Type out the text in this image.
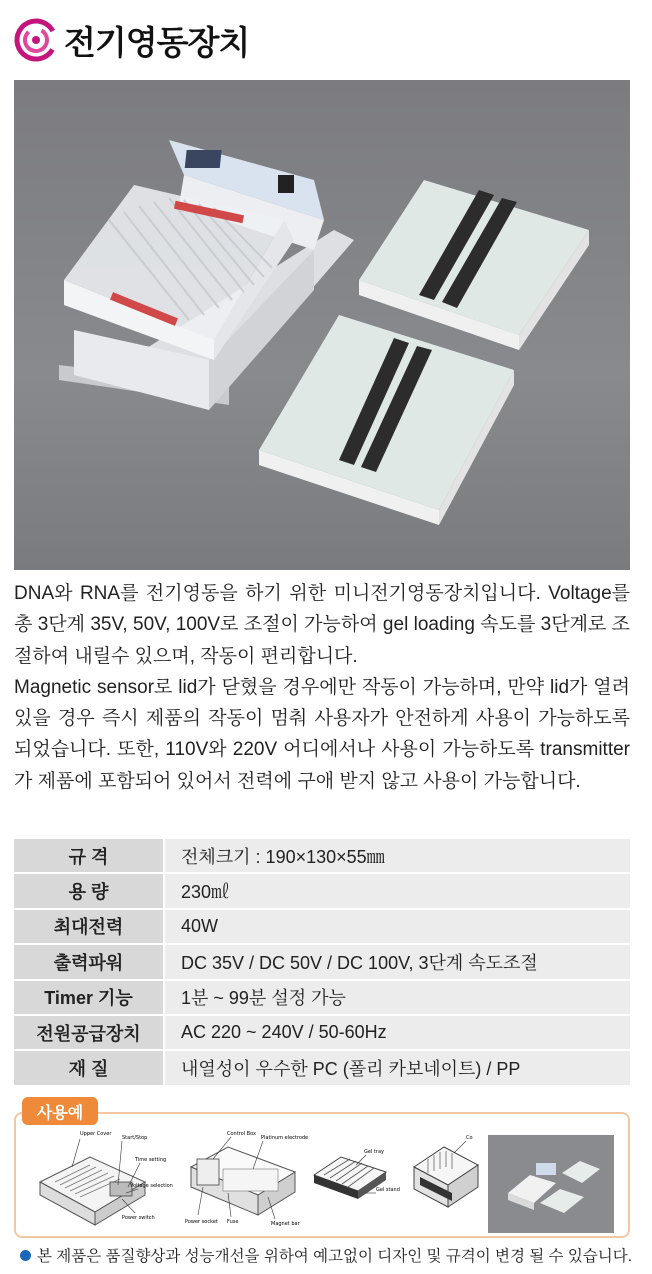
전기영동장치

DNA와 RNA를 전기영동을 하기 위한 미니전기영동장치입니다. Voltage를 총 3단계 35V, 50V, 100V로 조절이 가능하여 gel loading 속도를 3단계로 조절하여 내릴수 있으며, 작동이 편리합니다.

Magnetic sensor로 lid가 닫혔을 경우에만 작동이 가능하며, 만약 lid가 열려 있을 경우 즉시 제품의 작동이 멈춰 사용자가 안전하게 사용이 가능하도록 되었습니다. 또한, 110V와 220V 어디에서나 사용이 가능하도록 transmitter가 제품에 포함되어 있어서 전력에 구애 받지 않고 사용이 가능합니다.

규 격	전체크기 : 190×130×55㎜
용 량	230㎖
최대전력	40W
출력파워	DC 35V / DC 50V / DC 100V, 3단계 속도조절
Timer 기능	1분 ~ 99분 설정 가능
전원공급장치	AC 220 ~ 240V / 50-60Hz
재 질	내열성이 우수한 PC (폴리 카보네이트) / PP
사용예
Upper Cover
Start/Stop
Time setting
Voltage selection
Power switch
Control Box
Platinum electrode
Power socket Fuse	Magnet bar
Gel tray
Gel stand
Co
본 제품은 품질향상과 성능개선을 위하여 예고없이 디자인 및 규격이 변경 될 수 있습니다.
